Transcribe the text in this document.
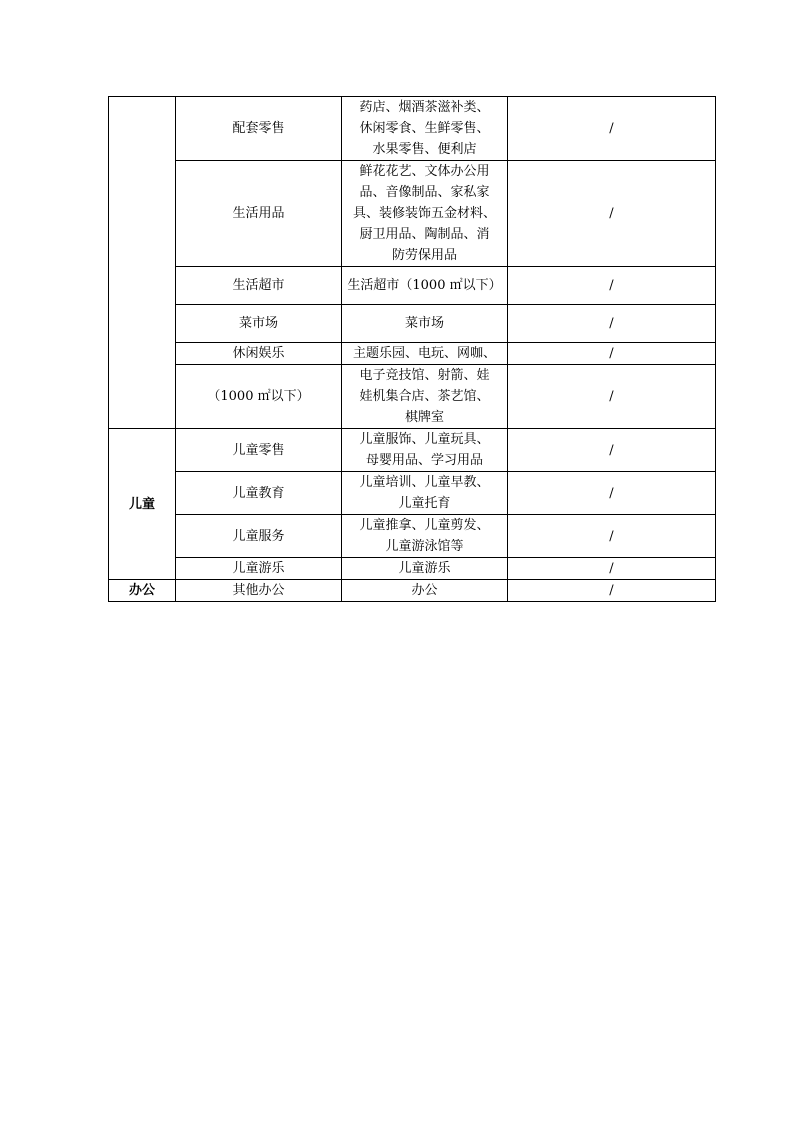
	配套零售	药店、烟酒茶滋补类、
休闲零食、生鲜零售、
水果零售、便利店	/
	生活用品	鲜花花艺、文体办公用
品、音像制品、家私家
具、装修装饰五金材料、
厨卫用品、陶制品、消
防劳保用品	/
	生活超市	生活超市（1000 ㎡以下）	/
	菜市场	菜市场	/
	休闲娱乐	主题乐园、电玩、网咖、	/
	（1000 ㎡以下）	电子竞技馆、射箭、娃
娃机集合店、茶艺馆、
棋牌室	/
儿童	儿童零售	儿童服饰、儿童玩具、
母婴用品、学习用品	/
	儿童教育	儿童培训、儿童早教、
儿童托育	/
	儿童服务	儿童推拿、儿童剪发、
儿童游泳馆等	/
	儿童游乐	儿童游乐	/
办公	其他办公	办公	/
